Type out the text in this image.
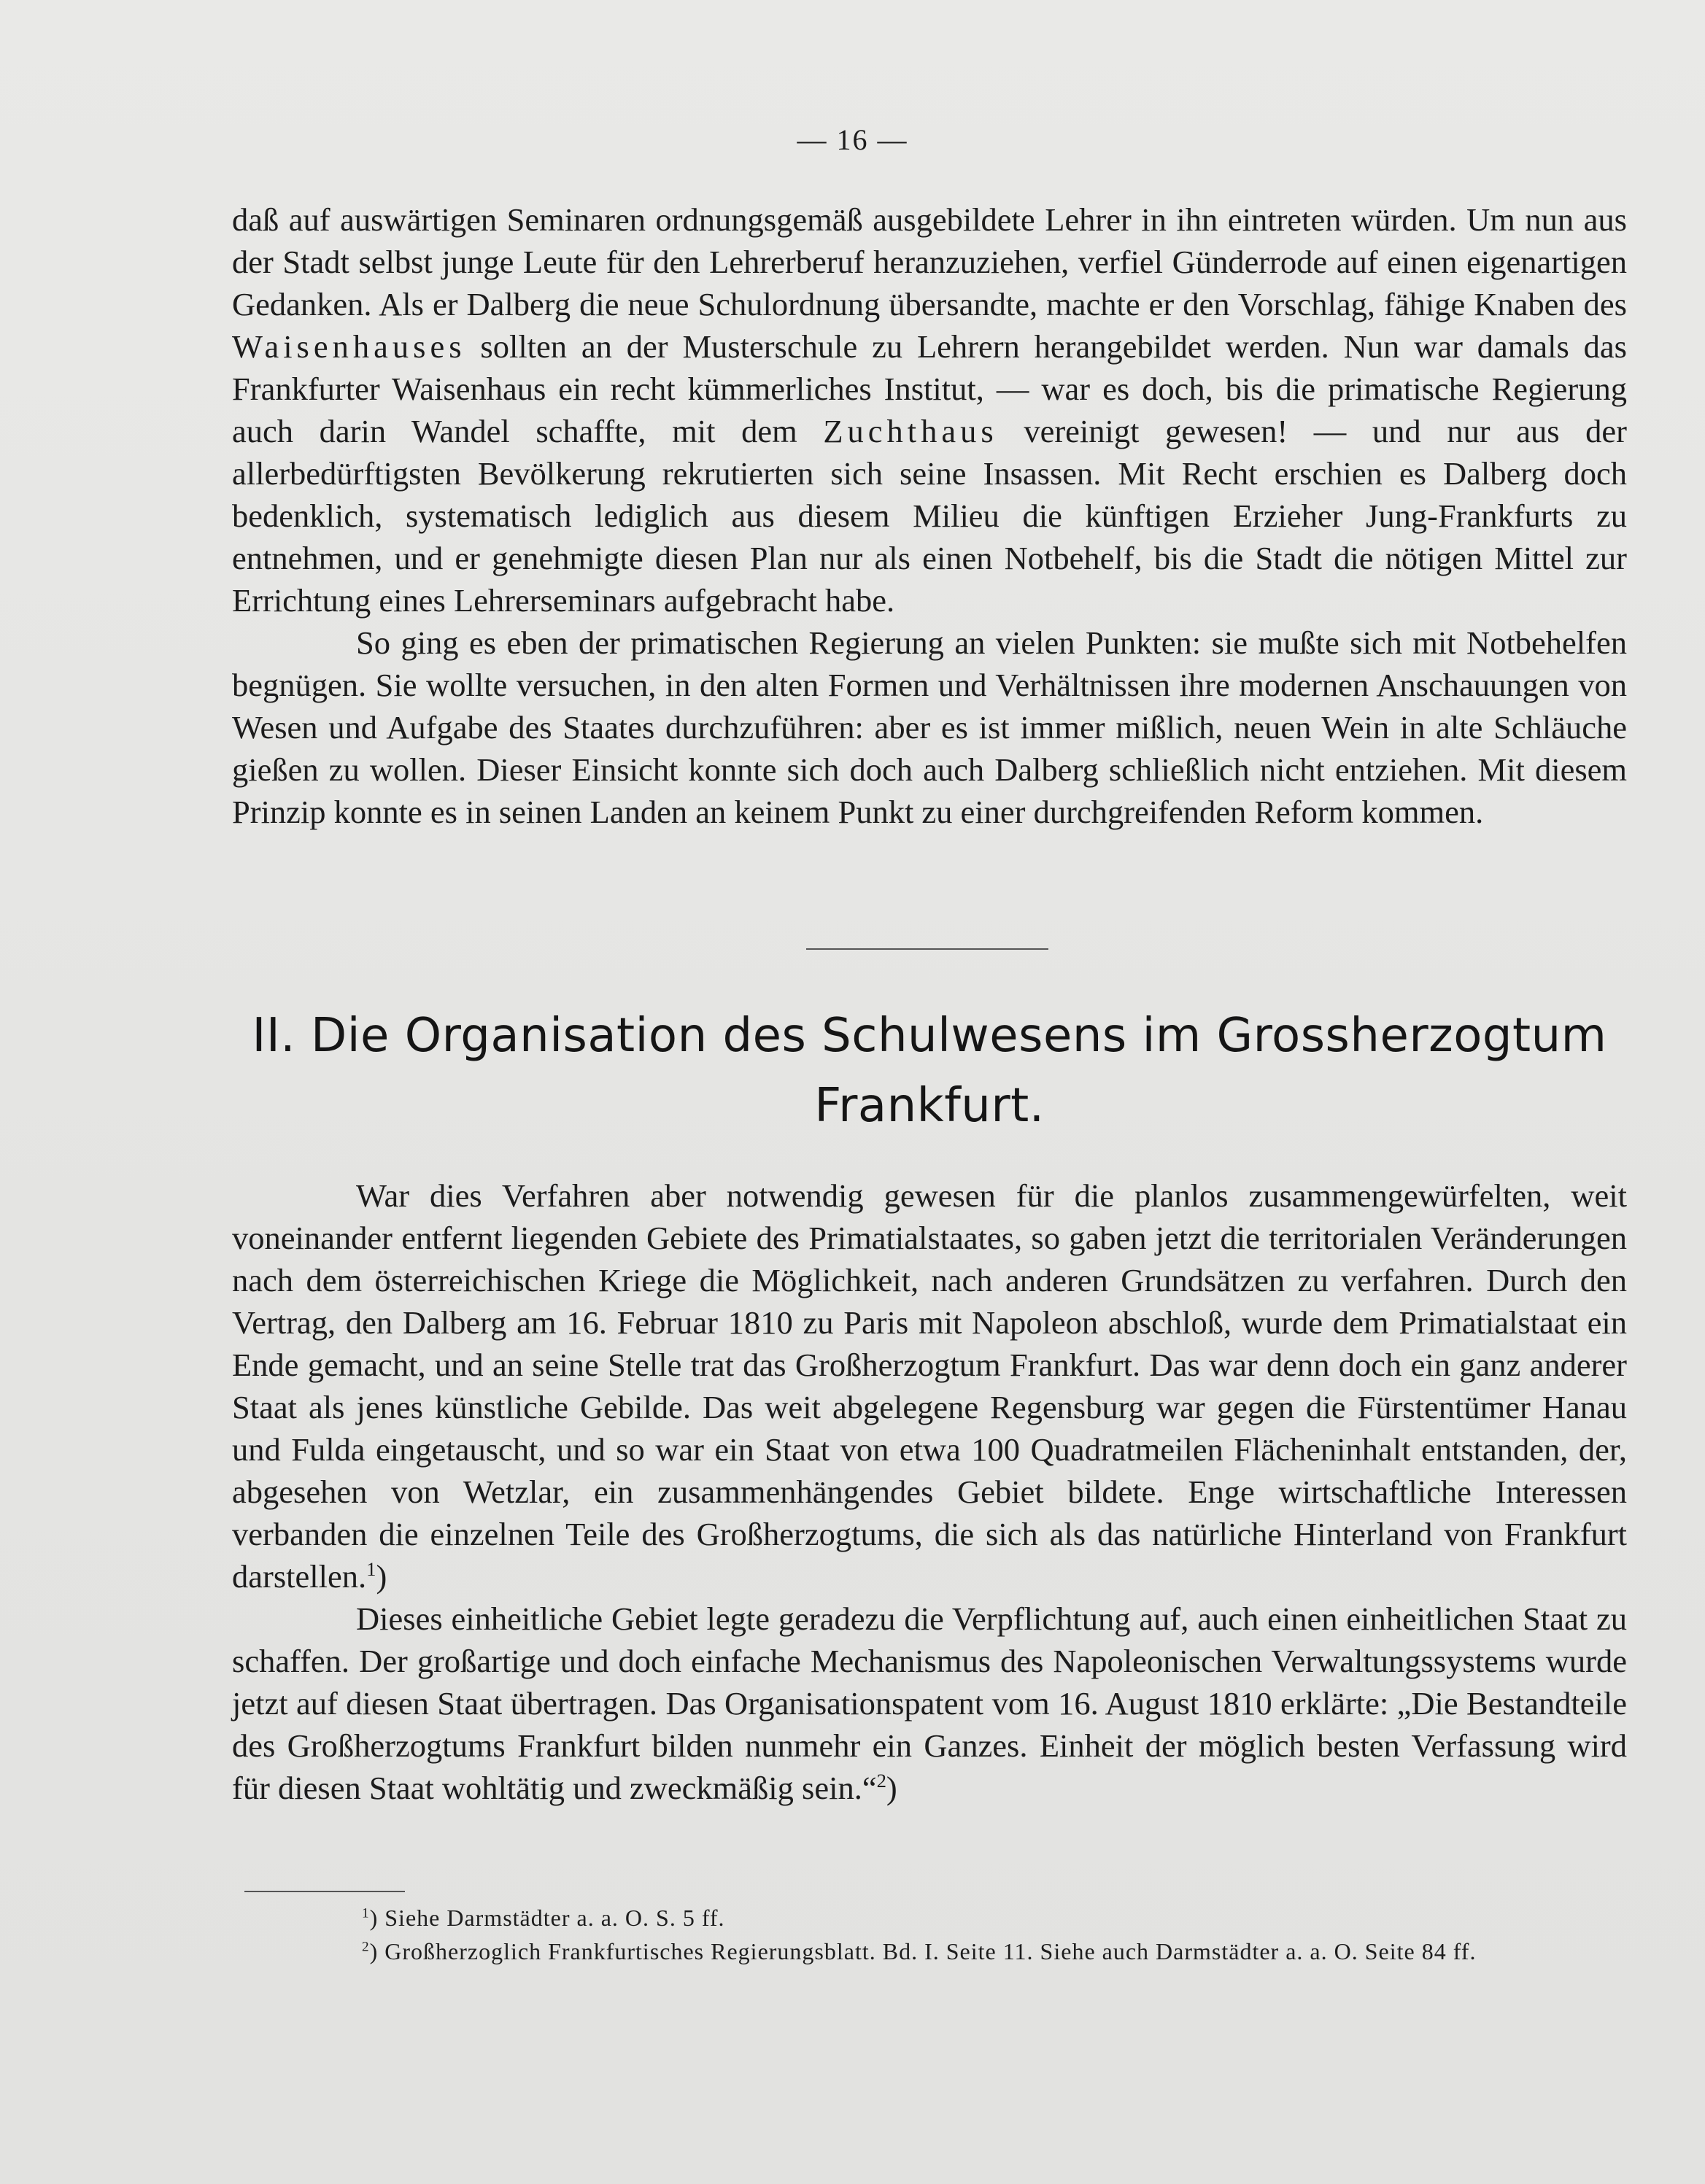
— 16 —

daß auf auswärtigen Seminaren ordnungsgemäß ausgebildete Lehrer in ihn eintreten würden. Um nun aus der Stadt selbst junge Leute für den Lehrerberuf heranzuziehen, verfiel Günderrode auf einen eigenartigen Gedanken. Als er Dalberg die neue Schulordnung übersandte, machte er den Vorschlag, fähige Knaben des Waisenhauses sollten an der Musterschule zu Lehrern herangebildet werden. Nun war damals das Frankfurter Waisenhaus ein recht kümmerliches Institut, — war es doch, bis die primatische Regierung auch darin Wandel schaffte, mit dem Zuchthaus vereinigt gewesen! — und nur aus der allerbedürftigsten Bevölkerung rekrutierten sich seine Insassen. Mit Recht erschien es Dalberg doch bedenklich, systematisch lediglich aus diesem Milieu die künftigen Erzieher Jung-Frankfurts zu entnehmen, und er genehmigte diesen Plan nur als einen Notbehelf, bis die Stadt die nötigen Mittel zur Errichtung eines Lehrerseminars aufgebracht habe.

So ging es eben der primatischen Regierung an vielen Punkten: sie mußte sich mit Notbehelfen begnügen. Sie wollte versuchen, in den alten Formen und Verhältnissen ihre modernen Anschauungen von Wesen und Aufgabe des Staates durchzuführen: aber es ist immer mißlich, neuen Wein in alte Schläuche gießen zu wollen. Dieser Einsicht konnte sich doch auch Dalberg schließlich nicht entziehen. Mit diesem Prinzip konnte es in seinen Landen an keinem Punkt zu einer durchgreifenden Reform kommen.

II. Die Organisation des Schulwesens im Grossherzogtum
Frankfurt.

War dies Verfahren aber notwendig gewesen für die planlos zusammengewürfelten, weit voneinander entfernt liegenden Gebiete des Primatialstaates, so gaben jetzt die territorialen Veränderungen nach dem österreichischen Kriege die Möglichkeit, nach anderen Grundsätzen zu verfahren. Durch den Vertrag, den Dalberg am 16. Februar 1810 zu Paris mit Napoleon abschloß, wurde dem Primatialstaat ein Ende gemacht, und an seine Stelle trat das Großherzogtum Frankfurt. Das war denn doch ein ganz anderer Staat als jenes künstliche Gebilde. Das weit abgelegene Regensburg war gegen die Fürstentümer Hanau und Fulda eingetauscht, und so war ein Staat von etwa 100 Quadratmeilen Flächeninhalt entstanden, der, abgesehen von Wetzlar, ein zusammenhängendes Gebiet bildete. Enge wirtschaftliche Interessen verbanden die einzelnen Teile des Großherzogtums, die sich als das natürliche Hinterland von Frankfurt darstellen.$^1$)

Dieses einheitliche Gebiet legte geradezu die Verpflichtung auf, auch einen einheitlichen Staat zu schaffen. Der großartige und doch einfache Mechanismus des Napoleonischen Verwaltungssystems wurde jetzt auf diesen Staat übertragen. Das Organisationspatent vom 16. August 1810 erklärte: „Die Bestandteile des Großherzogtums Frankfurt bilden nunmehr ein Ganzes. Einheit der möglich besten Verfassung wird für diesen Staat wohltätig und zweckmäßig sein.“$^2$)

$^1$) Siehe Darmstädter a. a. O. S. 5 ff.

$^2$) Großherzoglich Frankfurtisches Regierungsblatt. Bd. I. Seite 11. Siehe auch Darmstädter a. a. O. Seite 84 ff.
